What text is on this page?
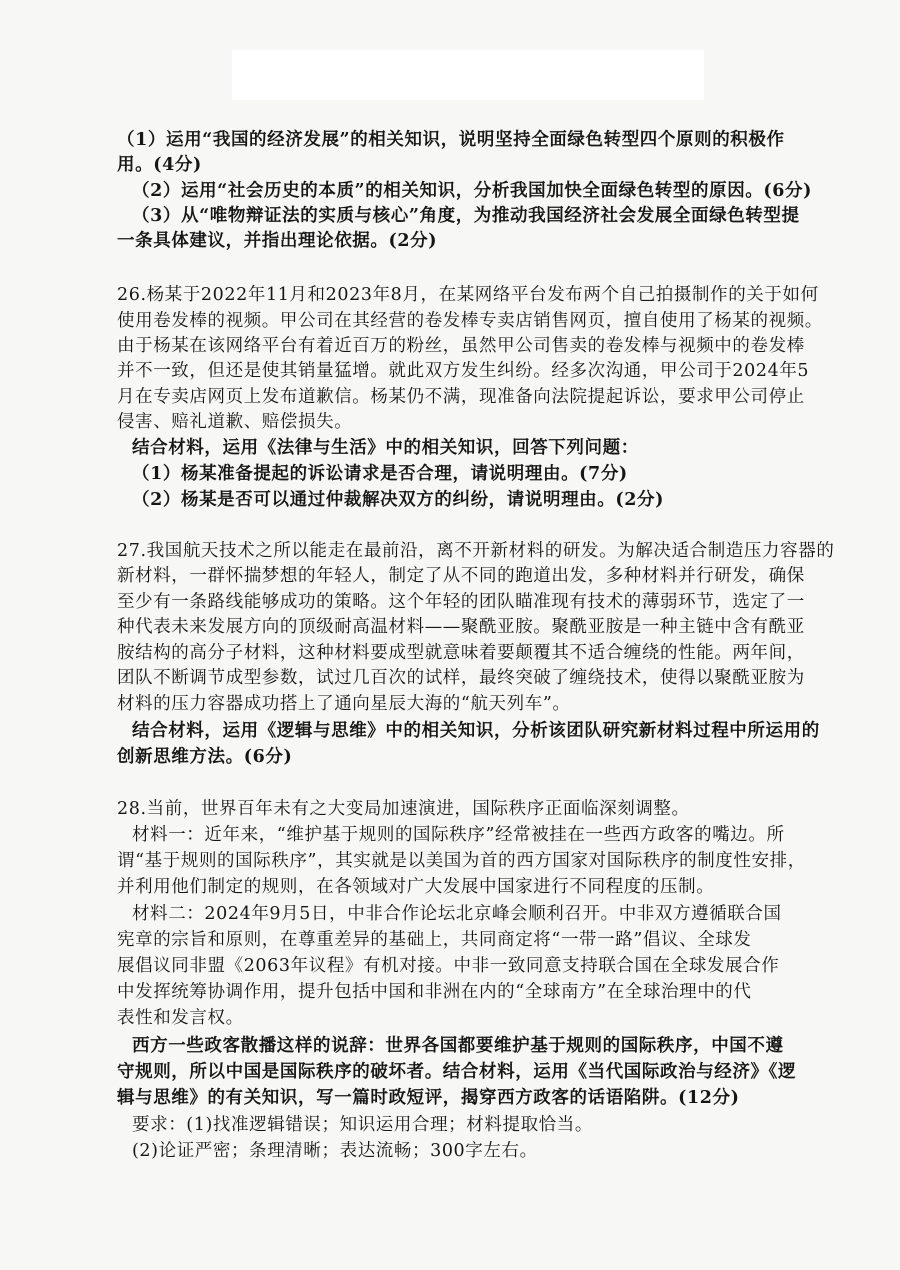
（1）运用“我国的经济发展”的相关知识，说明坚持全面绿色转型四个原则的积极作
用。(4分)
（2）运用“社会历史的本质”的相关知识，分析我国加快全面绿色转型的原因。(6分)
（3）从“唯物辩证法的实质与核心”角度，为推动我国经济社会发展全面绿色转型提
一条具体建议，并指出理论依据。(2分)
26.杨某于2022年11月和2023年8月，在某网络平台发布两个自己拍摄制作的关于如何
使用卷发棒的视频。甲公司在其经营的卷发棒专卖店销售网页，擅自使用了杨某的视频。
由于杨某在该网络平台有着近百万的粉丝，虽然甲公司售卖的卷发棒与视频中的卷发棒
并不一致，但还是使其销量猛增。就此双方发生纠纷。经多次沟通，甲公司于2024年5
月在专卖店网页上发布道歉信。杨某仍不满，现准备向法院提起诉讼，要求甲公司停止
侵害、赔礼道歉、赔偿损失。
结合材料，运用《法律与生活》中的相关知识，回答下列问题：
（1）杨某准备提起的诉讼请求是否合理，请说明理由。(7分)
（2）杨某是否可以通过仲裁解决双方的纠纷，请说明理由。(2分)
27.我国航天技术之所以能走在最前沿，离不开新材料的研发。为解决适合制造压力容器的
新材料，一群怀揣梦想的年轻人，制定了从不同的跑道出发，多种材料并行研发，确保
至少有一条路线能够成功的策略。这个年轻的团队瞄准现有技术的薄弱环节，选定了一
种代表未来发展方向的顶级耐高温材料——聚酰亚胺。聚酰亚胺是一种主链中含有酰亚
胺结构的高分子材料，这种材料要成型就意味着要颠覆其不适合缠绕的性能。两年间，
团队不断调节成型参数，试过几百次的试样，最终突破了缠绕技术，使得以聚酰亚胺为
材料的压力容器成功搭上了通向星辰大海的“航天列车”。
结合材料，运用《逻辑与思维》中的相关知识，分析该团队研究新材料过程中所运用的
创新思维方法。(6分)
28.当前，世界百年未有之大变局加速演进，国际秩序正面临深刻调整。
材料一：近年来，“维护基于规则的国际秩序”经常被挂在一些西方政客的嘴边。所
谓“基于规则的国际秩序”，其实就是以美国为首的西方国家对国际秩序的制度性安排，
并利用他们制定的规则，在各领域对广大发展中国家进行不同程度的压制。
材料二：2024年9月5日，中非合作论坛北京峰会顺利召开。中非双方遵循联合国
宪章的宗旨和原则，在尊重差异的基础上，共同商定将“一带一路”倡议、全球发
展倡议同非盟《2063年议程》有机对接。中非一致同意支持联合国在全球发展合作
中发挥统筹协调作用，提升包括中国和非洲在内的“全球南方”在全球治理中的代
表性和发言权。
西方一些政客散播这样的说辞：世界各国都要维护基于规则的国际秩序，中国不遵
守规则，所以中国是国际秩序的破坏者。结合材料，运用《当代国际政治与经济》《逻
辑与思维》的有关知识，写一篇时政短评，揭穿西方政客的话语陷阱。(12分)
要求：(1)找准逻辑错误；知识运用合理；材料提取恰当。
(2)论证严密；条理清晰；表达流畅；300字左右。
